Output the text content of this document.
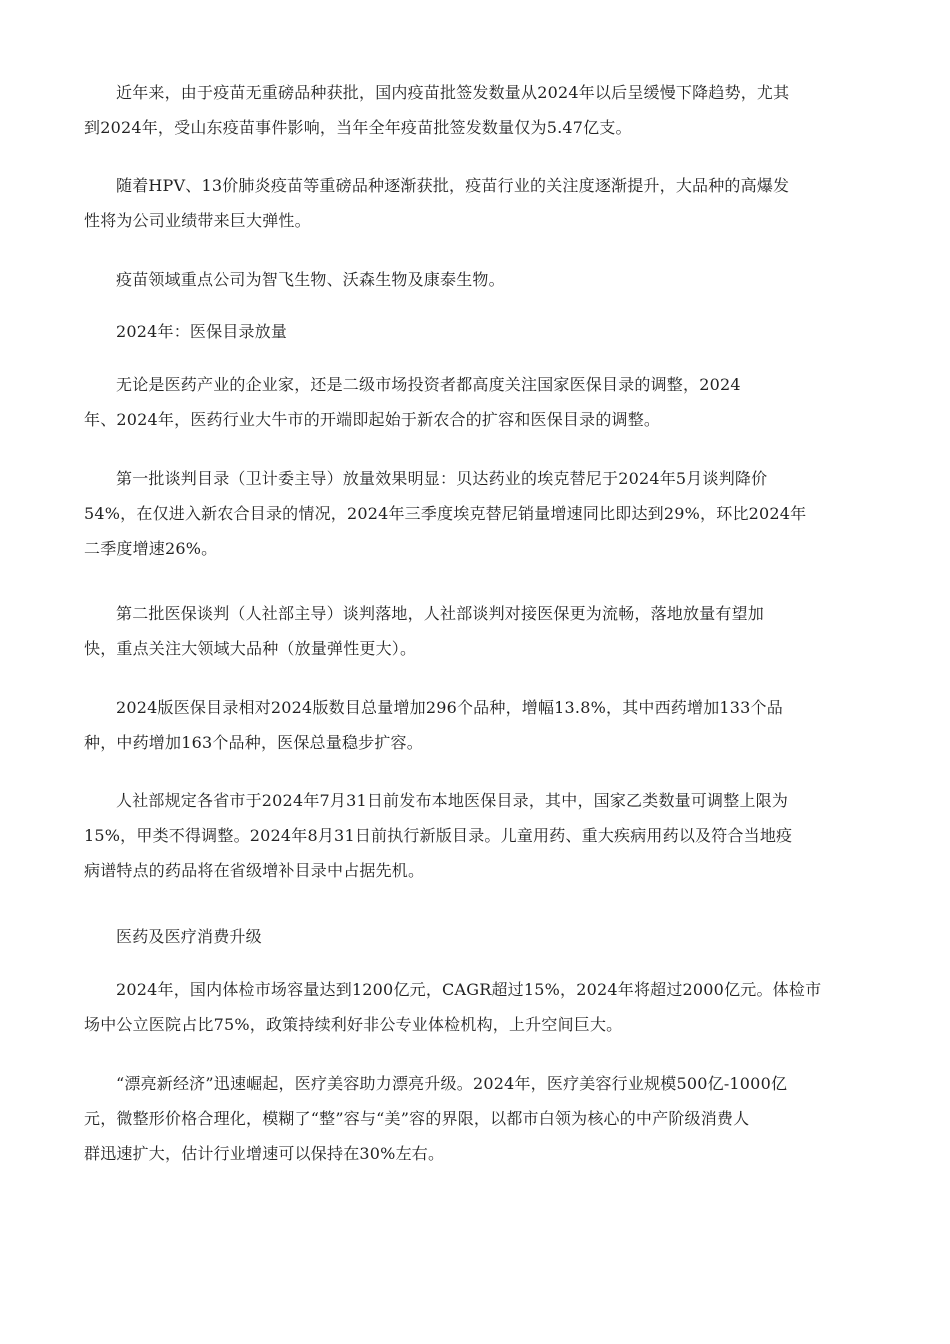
近年来，由于疫苗无重磅品种获批，国内疫苗批签发数量从2024年以后呈缓慢下降趋势，尤其
到2024年，受山东疫苗事件影响，当年全年疫苗批签发数量仅为5.47亿支。

随着HPV、13价肺炎疫苗等重磅品种逐渐获批，疫苗行业的关注度逐渐提升，大品种的高爆发
性将为公司业绩带来巨大弹性。

疫苗领域重点公司为智飞生物、沃森生物及康泰生物。

2024年：医保目录放量

无论是医药产业的企业家，还是二级市场投资者都高度关注国家医保目录的调整，2024
年、2024年，医药行业大牛市的开端即起始于新农合的扩容和医保目录的调整。

第一批谈判目录（卫计委主导）放量效果明显：贝达药业的埃克替尼于2024年5月谈判降价
54%，在仅进入新农合目录的情况，2024年三季度埃克替尼销量增速同比即达到29%，环比2024年
二季度增速26%。

第二批医保谈判（人社部主导）谈判落地，人社部谈判对接医保更为流畅，落地放量有望加
快，重点关注大领域大品种（放量弹性更大）。

2024版医保目录相对2024版数目总量增加296个品种，增幅13.8%，其中西药增加133个品
种，中药增加163个品种，医保总量稳步扩容。

人社部规定各省市于2024年7月31日前发布本地医保目录，其中，国家乙类数量可调整上限为
15%，甲类不得调整。2024年8月31日前执行新版目录。儿童用药、重大疾病用药以及符合当地疫
病谱特点的药品将在省级增补目录中占据先机。

医药及医疗消费升级

2024年，国内体检市场容量达到1200亿元，CAGR超过15%，2024年将超过2000亿元。体检市
场中公立医院占比75%，政策持续利好非公专业体检机构，上升空间巨大。

“漂亮新经济”迅速崛起，医疗美容助力漂亮升级。2024年，医疗美容行业规模500亿-1000亿
元，微整形价格合理化，模糊了“整”容与“美”容的界限，以都市白领为核心的中产阶级消费人
群迅速扩大，估计行业增速可以保持在30%左右。
